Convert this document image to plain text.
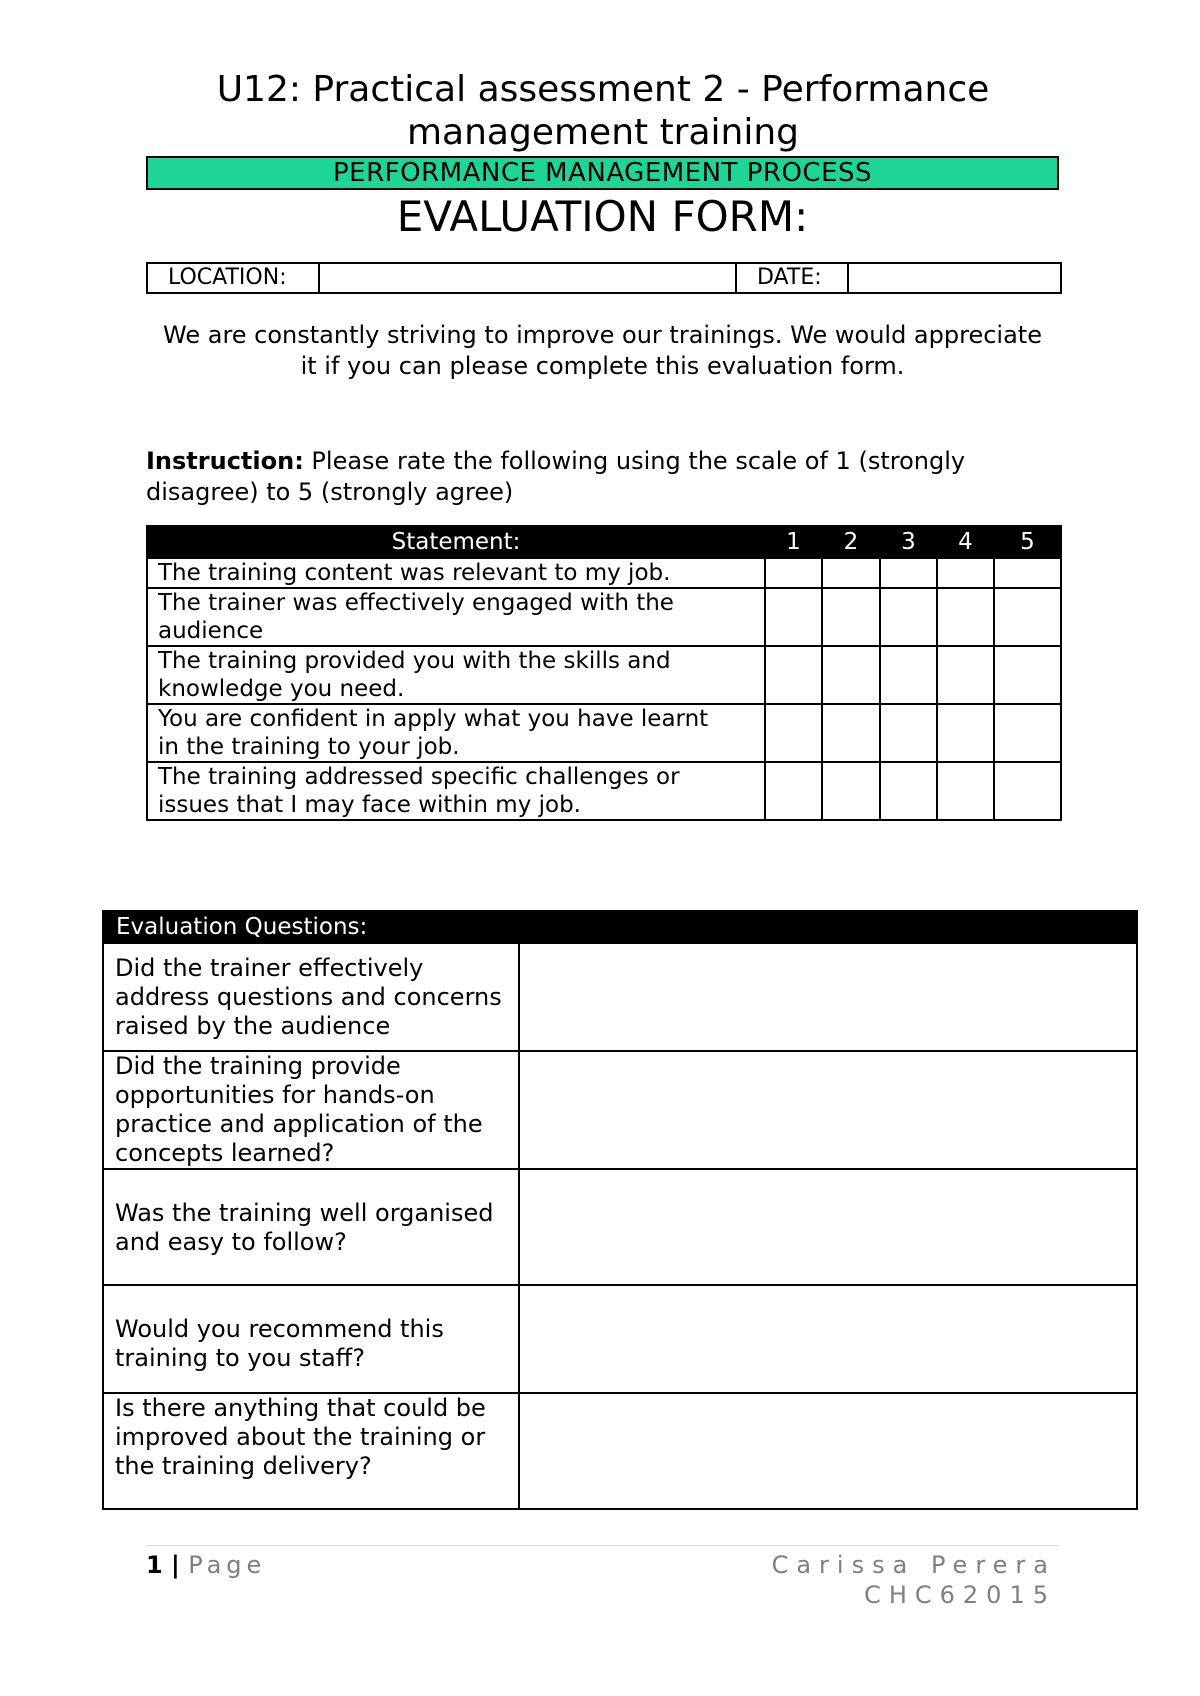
U12: Practical assessment 2 - Performance
management training
PERFORMANCE MANAGEMENT PROCESS
EVALUATION FORM:
LOCATION:		DATE:	
We are constantly striving to improve our trainings. We would appreciate
it if you can please complete this evaluation form.
Instruction: Please rate the following using the scale of 1 (strongly disagree) to 5 (strongly agree)
Statement:	1	2	3	4	5
The training content was relevant to my job.					

The trainer was effectively engaged with the
audience					

The training provided you with the skills and
knowledge you need.					

You are confident in apply what you have learnt
in the training to your job.					

The training addressed specific challenges or
issues that I may face within my job.					

Evaluation Questions:	

Did the trainer effectively
address questions and concerns
raised by the audience	

Did the training provide
opportunities for hands-on
practice and application of the
concepts learned?	

Was the training well organised
and easy to follow?	

Would you recommend this
training to you staff?	

Is there anything that could be
improved about the training or
the training delivery?	

1 | Page	Carissa Perera
CHC62015
